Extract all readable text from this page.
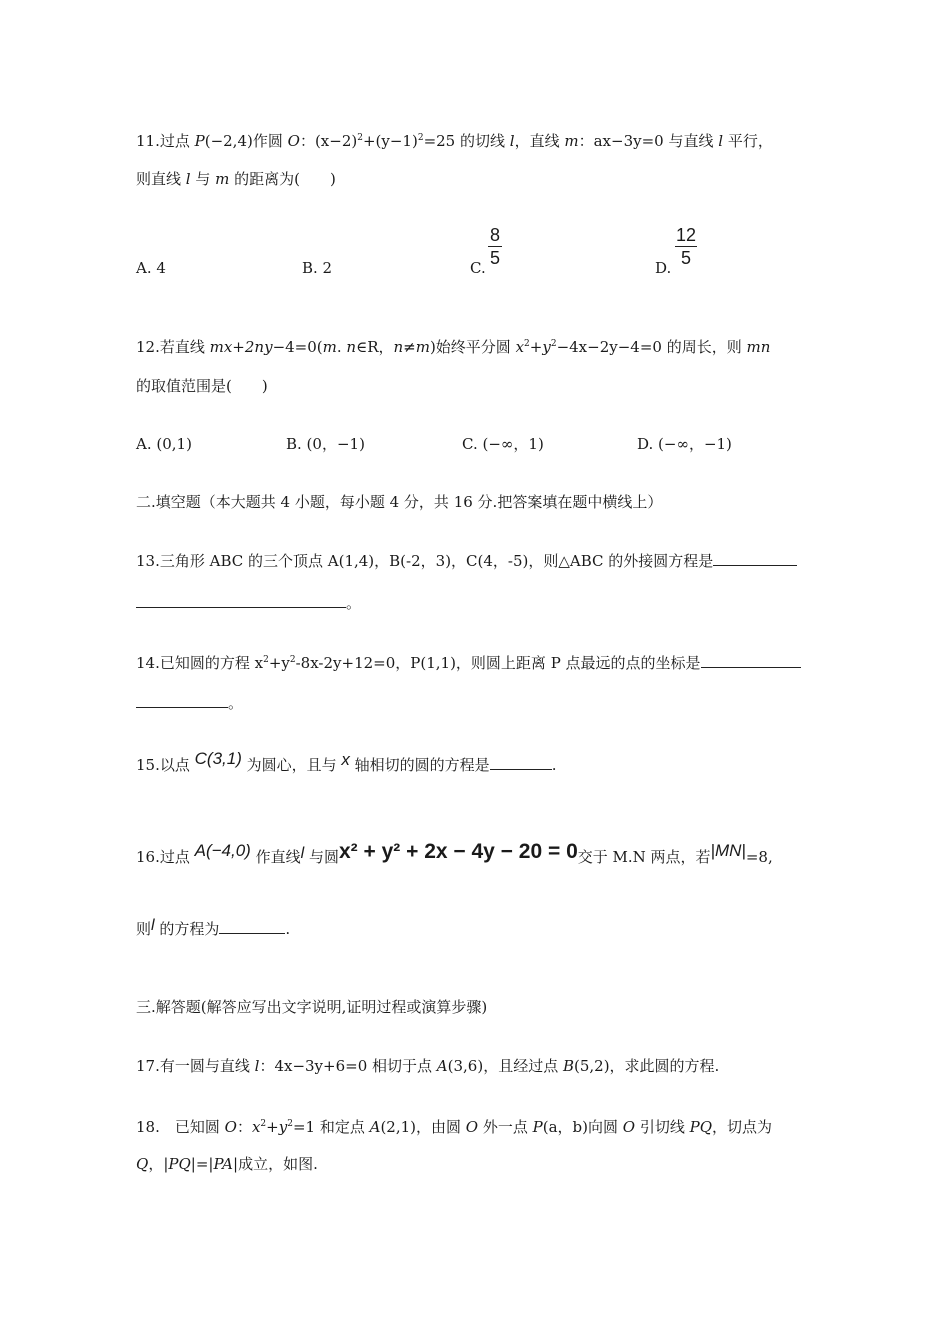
11.过点 P(−2,4)作圆 O：$(x-2)^2+(y-1)^2=25$ 的切线 l，直线 m：ax−3y=0 与直线 l 平行，
则直线 l 与 m 的距离为(　　)
A. 4	B. 2	C.
8
5	D.
12
5
12.若直线 mx+2ny−4=0(m. n∈R，n≠m)始终平分圆 $x^2+y^2-4x-2y-4=0$ 的周长，则 mn
的取值范围是(　　)
A. (0,1)	B. (0，−1)	C. (−∞，1)	D. (−∞，−1)
二.填空题（本大题共 4 小题，每小题 4 分，共 16 分.把答案填在题中横线上）
13.三角形 ABC 的三个顶点 A(1,4)，B(-2，3)，C(4，-5)，则△ABC 的外接圆方程是
。
14.已知圆的方程 $x^2+y^2-8x-2y+12=0$，P(1,1)，则圆上距离 P 点最远的点的坐标是
。
15.以点 C(3,1) 为圆心，且与 x 轴相切的圆的方程是	.
16.过点 A(−4,0) 作直线l 与圆x² + y² + 2x − 4y − 20 = 0交于 M.N 两点，若|MN|=8,
则l 的方程为	.
三.解答题(解答应写出文字说明,证明过程或演算步骤)
17.有一圆与直线 l：4x−3y+6=0 相切于点 A(3,6)，且经过点 B(5,2)，求此圆的方程.
18.　已知圆 O：$x^2+y^2=1$ 和定点 A(2,1)，由圆 O 外一点 P(a，b)向圆 O 引切线 PQ，切点为
Q，|PQ|=|PA|成立，如图.
